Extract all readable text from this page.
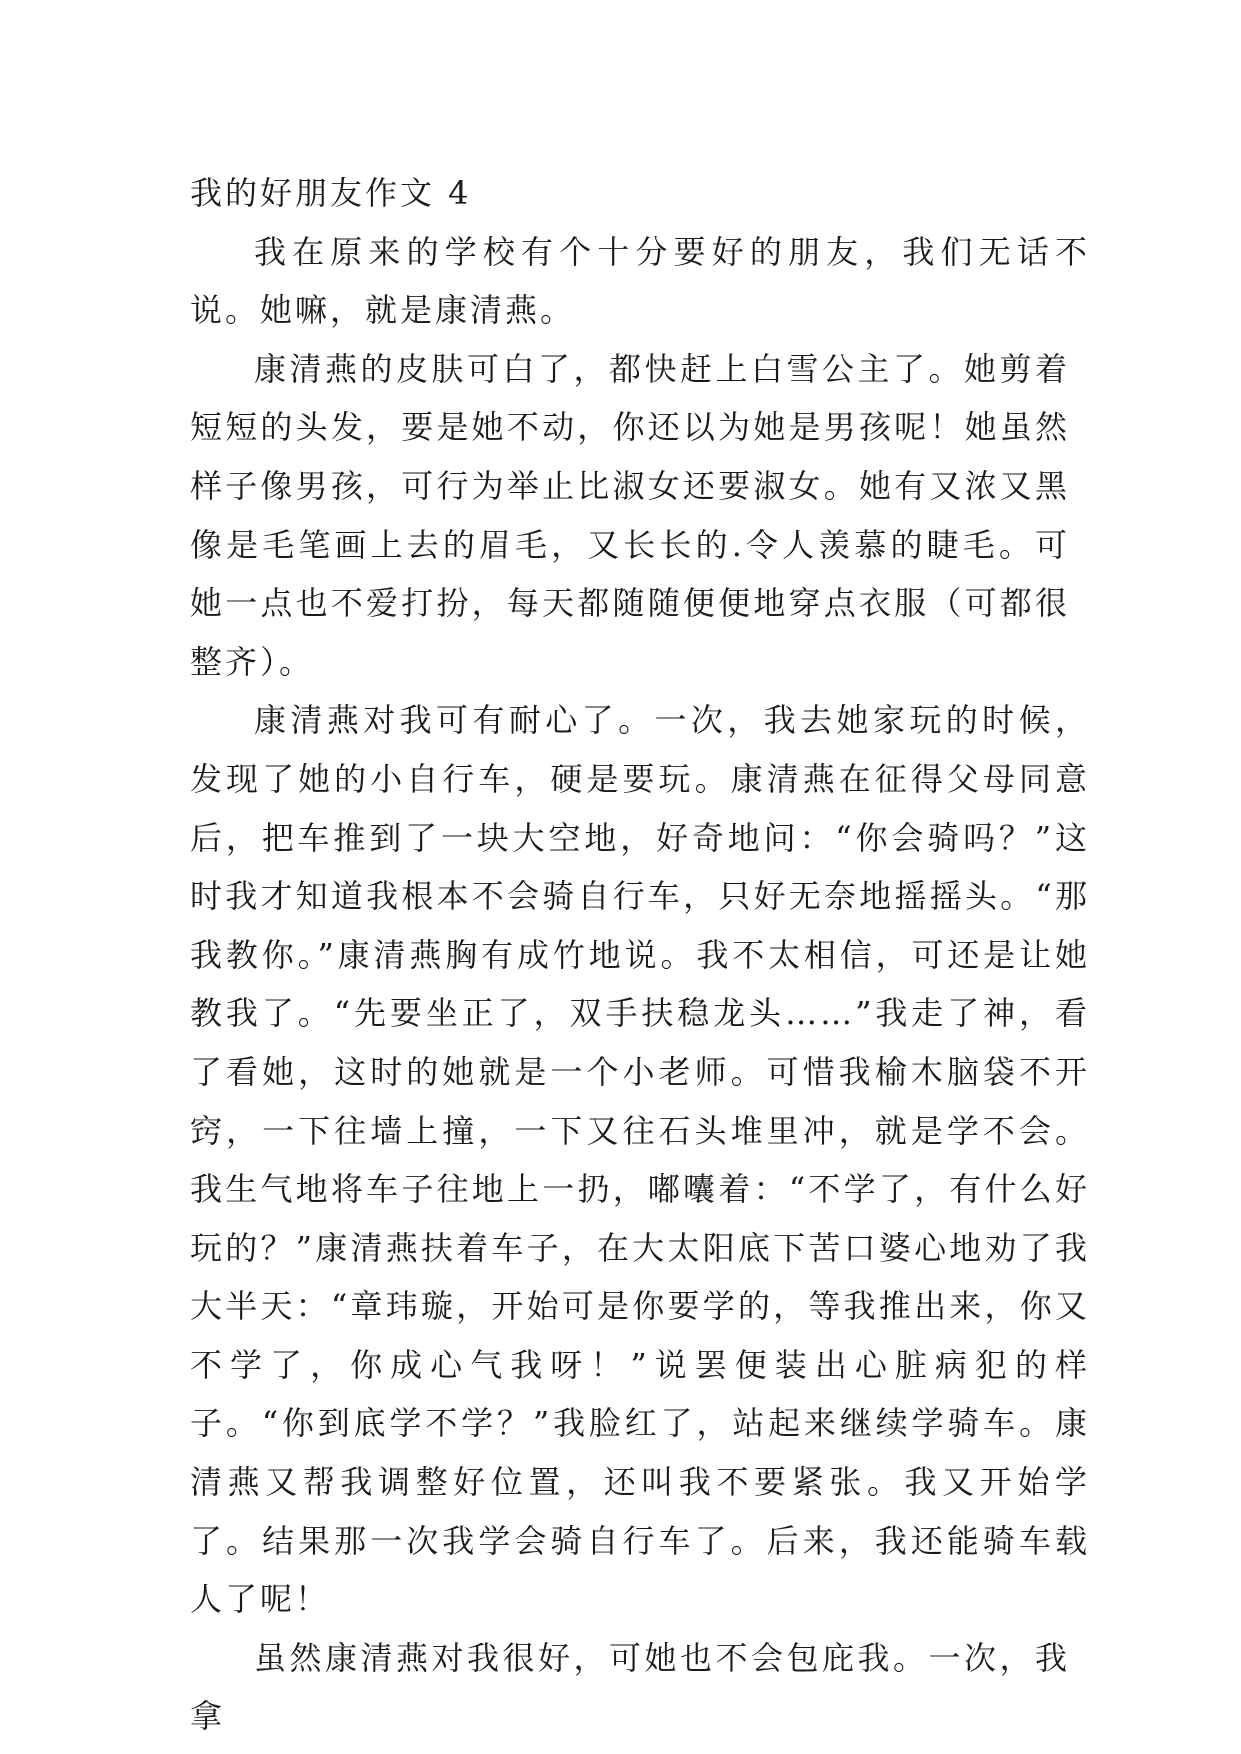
我的好朋友作文 4

我在原来的学校有个十分要好的朋友，我们无话不说。她嘛，就是康清燕。

康清燕的皮肤可白了，都快赶上白雪公主了。她剪着短短的头发，要是她不动，你还以为她是男孩呢！她虽然样子像男孩，可行为举止比淑女还要淑女。她有又浓又黑像是毛笔画上去的眉毛，又长长的.令人羡慕的睫毛。可她一点也不爱打扮，每天都随随便便地穿点衣服（可都很整齐）。

康清燕对我可有耐心了。一次，我去她家玩的时候，发现了她的小自行车，硬是要玩。康清燕在征得父母同意后，把车推到了一块大空地，好奇地问：“你会骑吗？”这时我才知道我根本不会骑自行车，只好无奈地摇摇头。“那我教你。”康清燕胸有成竹地说。我不太相信，可还是让她教我了。“先要坐正了，双手扶稳龙头……”我走了神，看了看她，这时的她就是一个小老师。可惜我榆木脑袋不开窍，一下往墙上撞，一下又往石头堆里冲，就是学不会。我生气地将车子往地上一扔，嘟囔着：“不学了，有什么好玩的？”康清燕扶着车子，在大太阳底下苦口婆心地劝了我大半天：“章玮璇，开始可是你要学的，等我推出来，你又不学了，你成心气我呀！”说罢便装出心脏病犯的样子。“你到底学不学？”我脸红了，站起来继续学骑车。康清燕又帮我调整好位置，还叫我不要紧张。我又开始学了。结果那一次我学会骑自行车了。后来，我还能骑车载人了呢！

虽然康清燕对我很好，可她也不会包庇我。一次，我拿
